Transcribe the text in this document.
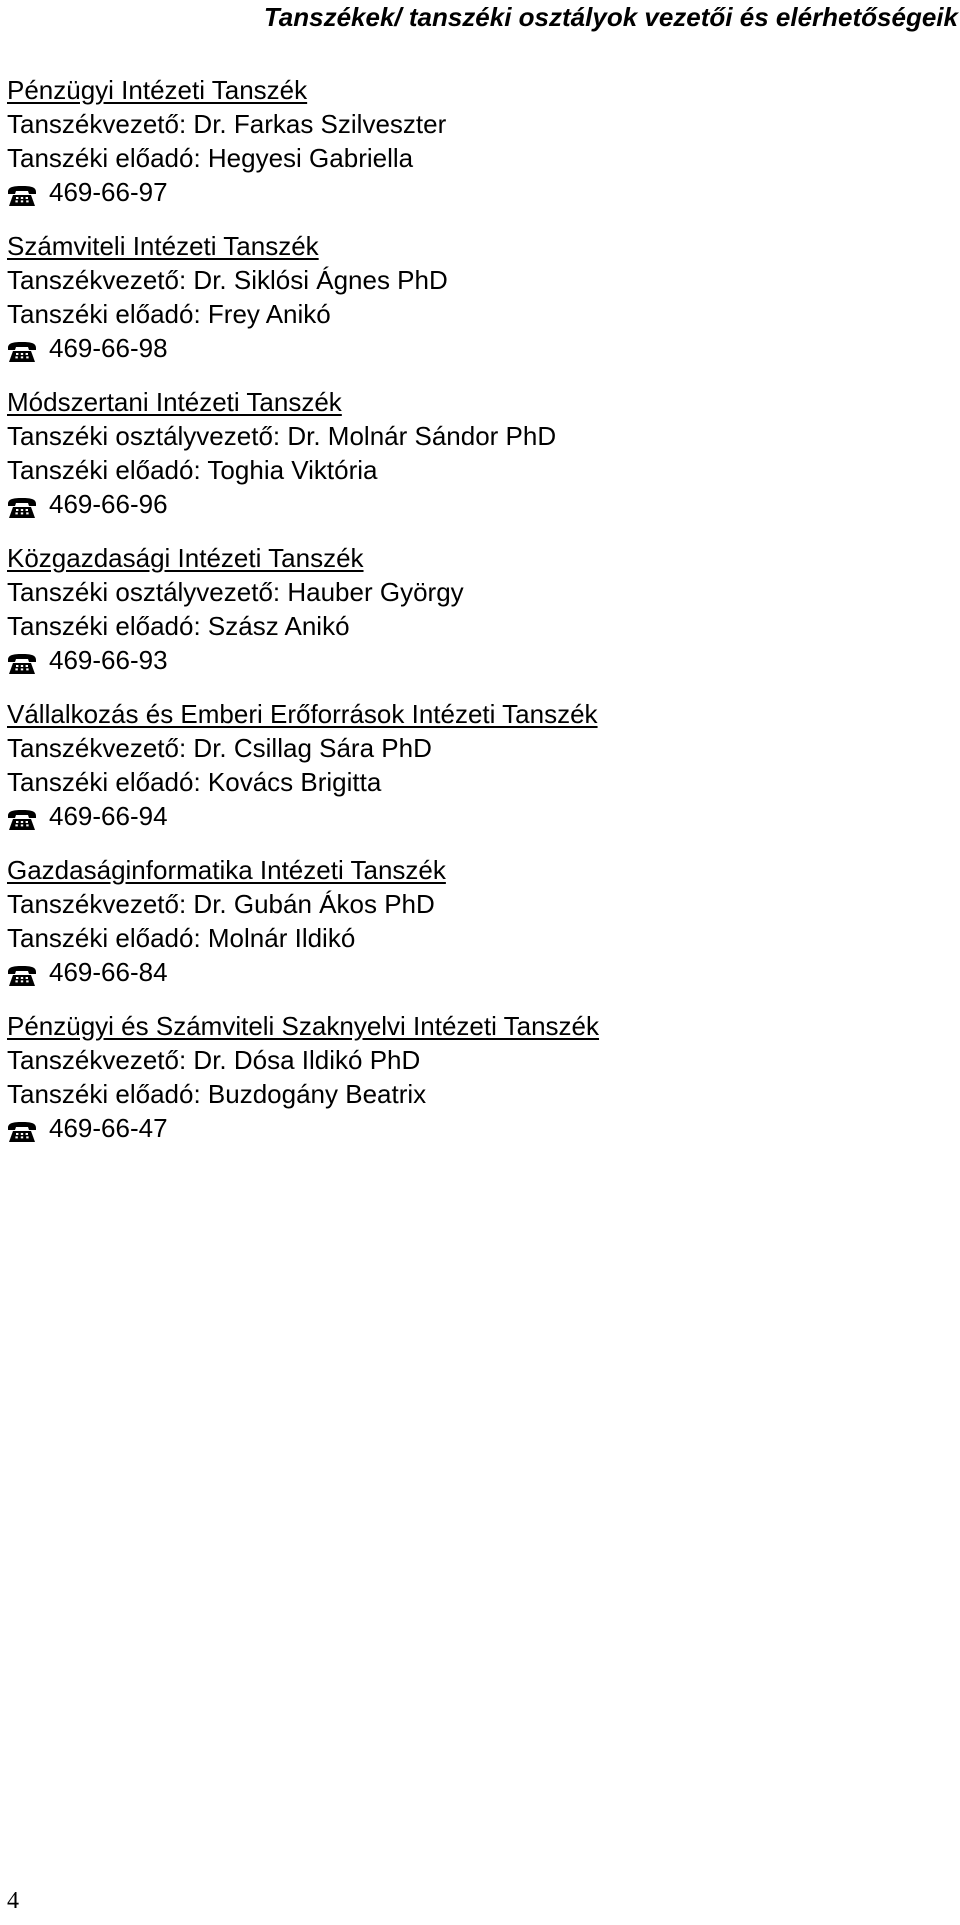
Tanszékek/ tanszéki osztályok vezetői és elérhetőségeik
Pénzügyi Intézeti Tanszék
Tanszékvezető: Dr. Farkas Szilveszter
Tanszéki előadó: Hegyesi Gabriella
469-66-97
Számviteli Intézeti Tanszék
Tanszékvezető: Dr. Siklósi Ágnes PhD
Tanszéki előadó: Frey Anikó
469-66-98
Módszertani Intézeti Tanszék
Tanszéki osztályvezető: Dr. Molnár Sándor PhD
Tanszéki előadó: Toghia Viktória
469-66-96
Közgazdasági Intézeti Tanszék
Tanszéki osztályvezető: Hauber György
Tanszéki előadó: Szász Anikó
469-66-93
Vállalkozás és Emberi Erőforrások Intézeti Tanszék
Tanszékvezető: Dr. Csillag Sára PhD
Tanszéki előadó: Kovács Brigitta
469-66-94
Gazdaságinformatika Intézeti Tanszék
Tanszékvezető: Dr. Gubán Ákos PhD
Tanszéki előadó: Molnár Ildikó
469-66-84
Pénzügyi és Számviteli Szaknyelvi Intézeti Tanszék
Tanszékvezető: Dr. Dósa Ildikó PhD
Tanszéki előadó: Buzdogány Beatrix
469-66-47
4
